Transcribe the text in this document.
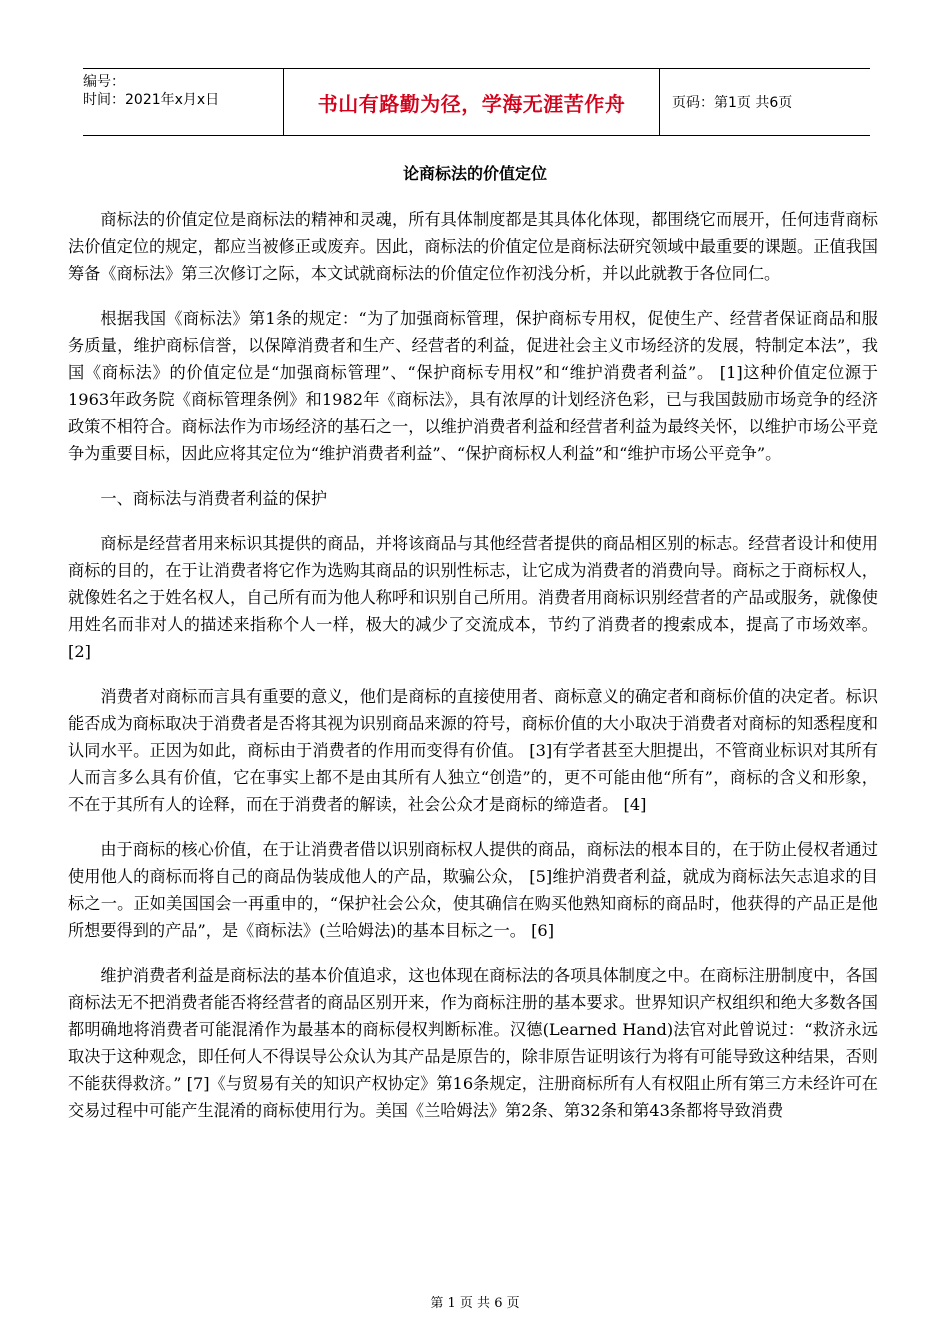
编号：
时间：2021年x月x日	书山有路勤为径，学海无涯苦作舟	页码：第1页 共6页
论商标法的价值定位

商标法的价值定位是商标法的精神和灵魂，所有具体制度都是其具体化体现，都围绕它而展开，任何违背商标法价值定位的规定，都应当被修正或废弃。因此，商标法的价值定位是商标法研究领域中最重要的课题。正值我国筹备《商标法》第三次修订之际，本文试就商标法的价值定位作初浅分析，并以此就教于各位同仁。

根据我国《商标法》第1条的规定：“为了加强商标管理，保护商标专用权，促使生产、经营者保证商品和服务质量，维护商标信誉，以保障消费者和生产、经营者的利益，促进社会主义市场经济的发展，特制定本法”，我国《商标法》的价值定位是“加强商标管理”、“保护商标专用权”和“维护消费者利益”。 [1]这种价值定位源于1963年政务院《商标管理条例》和1982年《商标法》，具有浓厚的计划经济色彩，已与我国鼓励市场竞争的经济政策不相符合。商标法作为市场经济的基石之一，以维护消费者利益和经营者利益为最终关怀，以维护市场公平竞争为重要目标，因此应将其定位为“维护消费者利益”、“保护商标权人利益”和“维护市场公平竞争”。

一、商标法与消费者利益的保护

商标是经营者用来标识其提供的商品，并将该商品与其他经营者提供的商品相区别的标志。经营者设计和使用商标的目的，在于让消费者将它作为选购其商品的识别性标志，让它成为消费者的消费向导。商标之于商标权人，就像姓名之于姓名权人，自己所有而为他人称呼和识别自己所用。消费者用商标识别经营者的产品或服务，就像使用姓名而非对人的描述来指称个人一样，极大的减少了交流成本，节约了消费者的搜索成本，提高了市场效率。 [2]

消费者对商标而言具有重要的意义，他们是商标的直接使用者、商标意义的确定者和商标价值的决定者。标识能否成为商标取决于消费者是否将其视为识别商品来源的符号，商标价值的大小取决于消费者对商标的知悉程度和认同水平。正因为如此，商标由于消费者的作用而变得有价值。 [3]有学者甚至大胆提出，不管商业标识对其所有人而言多么具有价值，它在事实上都不是由其所有人独立“创造”的，更不可能由他“所有”，商标的含义和形象，不在于其所有人的诠释，而在于消费者的解读，社会公众才是商标的缔造者。 [4]

由于商标的核心价值，在于让消费者借以识别商标权人提供的商品，商标法的根本目的，在于防止侵权者通过使用他人的商标而将自己的商品伪装成他人的产品，欺骗公众， [5]维护消费者利益，就成为商标法矢志追求的目标之一。正如美国国会一再重申的，“保护社会公众，使其确信在购买他熟知商标的商品时，他获得的产品正是他所想要得到的产品”，是《商标法》(兰哈姆法)的基本目标之一。 [6]

维护消费者利益是商标法的基本价值追求，这也体现在商标法的各项具体制度之中。在商标注册制度中，各国商标法无不把消费者能否将经营者的商品区别开来，作为商标注册的基本要求。世界知识产权组织和绝大多数各国都明确地将消费者可能混淆作为最基本的商标侵权判断标准。汉德(Learned Hand)法官对此曾说过：“救济永远取决于这种观念，即任何人不得误导公众认为其产品是原告的，除非原告证明该行为将有可能导致这种结果，否则不能获得救济。” [7]《与贸易有关的知识产权协定》第16条规定，注册商标所有人有权阻止所有第三方未经许可在交易过程中可能产生混淆的商标使用行为。美国《兰哈姆法》第2条、第32条和第43条都将导致消费

第 1 页 共 6 页
